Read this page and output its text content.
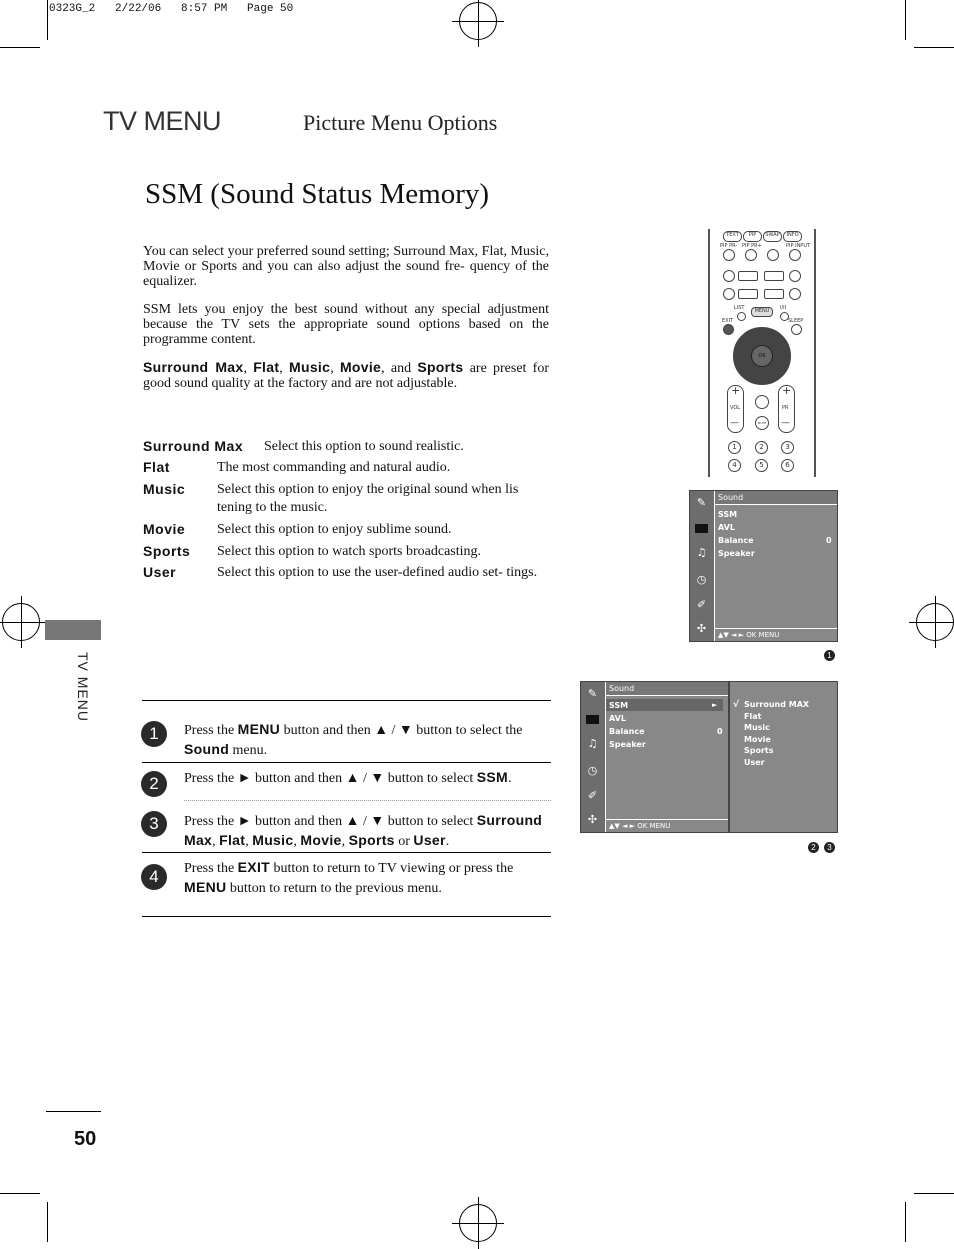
0323G_2   2/22/06   8:57 PM   Page 50
TV MENU	Picture Menu Options
SSM (Sound Status Memory)
You can select your preferred sound setting; Surround Max, Flat, Music, Movie or Sports and you can also adjust the sound fre- quency of the equalizer.
SSM lets you enjoy the best sound without any special adjustment because the TV sets the appropriate sound options based on the programme content.
Surround Max, Flat, Music, Movie, and Sports are preset for good sound quality at the factory and are not adjustable.
Surround Max Select this option to sound realistic.
Flat	The most commanding and natural audio.
Music Select this option to enjoy the original sound when lis tening to the music.
Movie Select this option to enjoy sublime sound.
Sports Select this option to watch sports broadcasting.
User	Select this option to use the user-defined audio set- tings.
TV MENU
1	Press the MENU button and then ▲ / ▼ button to select the Sound menu.
2	Press the ► button and then ▲ / ▼ button to select SSM.
3	Press the ► button and then ▲ / ▼ button to select Surround Max, Flat, Music, Movie, Sports or User.
4	Press the EXIT button to return to TV viewing or press the MENU button to return to the previous menu.
TEXT	PIP	SWAP	INFO
PIP PR- PIP PR+	PIP INPUT
LIST	I/II
MENU
EXIT	SLEEP
OK
+
—
VOL
+
—
PR
MUTE
1	2	3
4	5	6
✎
♫
◷
✐
✣
Sound
SSM
AVL
Balance	0
Speaker
▲▼ ◄ ► OK MENU
1
✎
♫
◷
✐
✣
Sound
SSM	►
AVL
Balance	0
Speaker
▲▼ ◄ ► OK MENU
√ Surround MAX
Flat
Music
Movie
Sports
User
2	3
50
